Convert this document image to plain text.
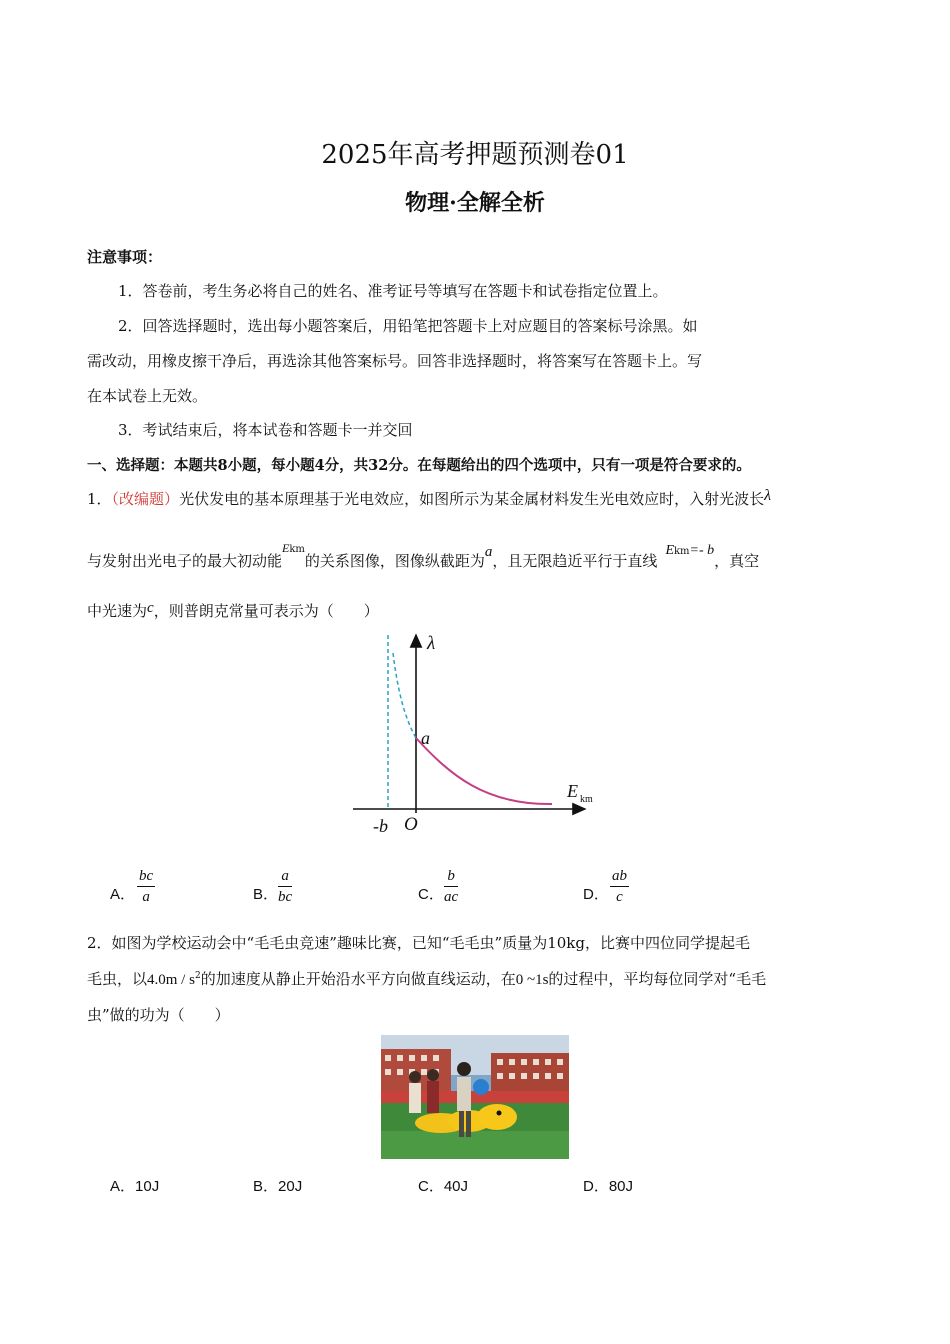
2025年高考押题预测卷01
物理·全解全析
注意事项：
1．答卷前，考生务必将自己的姓名、准考证号等填写在答题卡和试卷指定位置上。
2．回答选择题时，选出每小题答案后，用铅笔把答题卡上对应题目的答案标号涂黑。如
需改动，用橡皮擦干净后，再选涂其他答案标号。回答非选择题时，将答案写在答题卡上。写
在本试卷上无效。
3．考试结束后，将本试卷和答题卡一并交回
一、选择题：本题共8小题，每小题4分，共32分。在每题给出的四个选项中，只有一项是符合要求的。
1．（改编题）光伏发电的基本原理基于光电效应，如图所示为某金属材料发生光电效应时，入射光波长λ
与发射出光电子的最大初动能$^{Ekm}$的关系图像，图像纵截距为a，且无限趋近平行于直线Ekm=- b，真空
中光速为c，则普朗克常量可表示为（　　）
λ
a
E km
O
-b
A． $\frac{bc}{a}$	B． $\frac{a}{bc}$	C． $\frac{b}{ac}$	D． $\frac{ab}{c}$
2．如图为学校运动会中“毛毛虫竞速”趣味比赛，已知“毛毛虫”质量为10kg，比赛中四位同学提起毛
毛虫，以$4.0m / s^2$的加速度从静止开始沿水平方向做直线运动，在0 ~1s的过程中，平均每位同学对“毛毛
虫”做的功为（　　）
A．10J	B．20J	C．40J	D．80J
